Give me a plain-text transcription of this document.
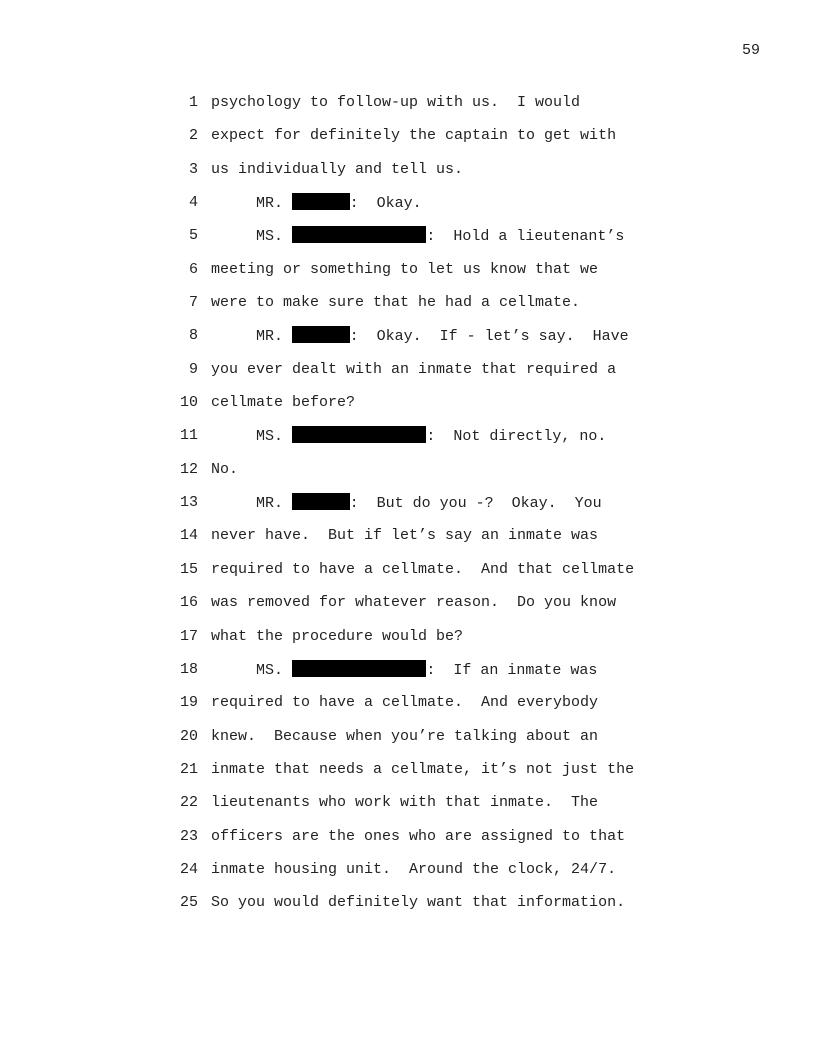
59
1 psychology to follow-up with us.  I would
2 expect for definitely the captain to get with
3 us individually and tell us.
4 MR.	:  Okay.
5 MS.	:  Hold a lieutenant’s
6 meeting or something to let us know that we
7 were to make sure that he had a cellmate.
8 MR.	:  Okay.  If - let’s say.  Have
9 you ever dealt with an inmate that required a
10 cellmate before?
11 MS.	:  Not directly, no.
12 No.
13 MR.	:  But do you -?  Okay.  You
14 never have.  But if let’s say an inmate was
15 required to have a cellmate.  And that cellmate
16 was removed for whatever reason.  Do you know
17 what the procedure would be?
18 MS.	:  If an inmate was
19 required to have a cellmate.  And everybody
20 knew.  Because when you’re talking about an
21 inmate that needs a cellmate, it’s not just the
22 lieutenants who work with that inmate.  The
23 officers are the ones who are assigned to that
24 inmate housing unit.  Around the clock, 24/7.
25 So you would definitely want that information.
